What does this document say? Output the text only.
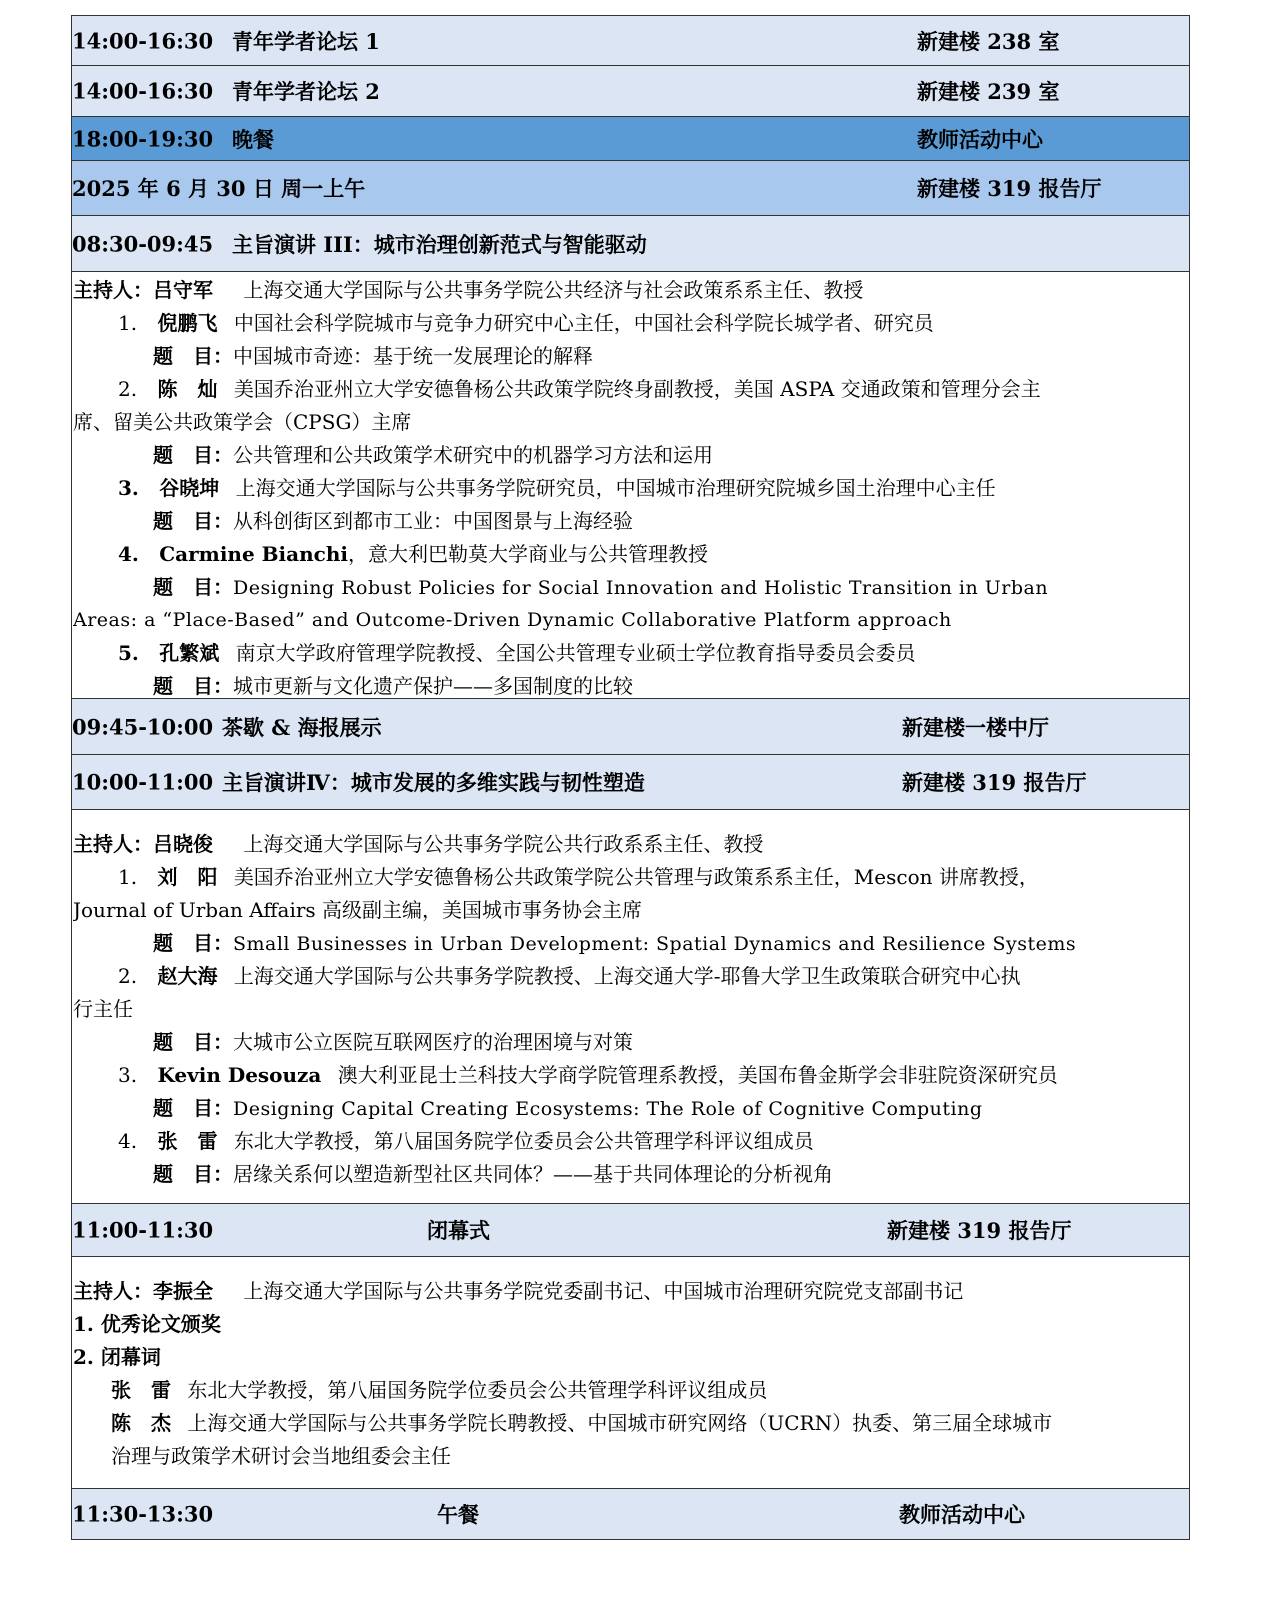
14:00-16:30 青年学者论坛 1	新建楼 238 室
14:00-16:30 青年学者论坛 2	新建楼 239 室
18:00-19:30 晚餐	教师活动中心
2025 年 6 月 30 日 周一上午	新建楼 319 报告厅
08:30-09:45 主旨演讲 III：城市治理创新范式与智能驱动
主持人：吕守军 上海交通大学国际与公共事务学院公共经济与社会政策系系主任、教授
1. 倪鹏飞 中国社会科学院城市与竞争力研究中心主任，中国社会科学院长城学者、研究员
题　目：中国城市奇迹：基于统一发展理论的解释
2. 陈　灿 美国乔治亚州立大学安德鲁杨公共政策学院终身副教授，美国 ASPA 交通政策和管理分会主
席、留美公共政策学会（CPSG）主席
题　目：公共管理和公共政策学术研究中的机器学习方法和运用
3. 谷晓坤 上海交通大学国际与公共事务学院研究员，中国城市治理研究院城乡国土治理中心主任
题　目：从科创街区到都市工业：中国图景与上海经验
4. Carmine Bianchi，意大利巴勒莫大学商业与公共管理教授
题　目：Designing Robust Policies for Social Innovation and Holistic Transition in Urban
Areas: a “Place-Based” and Outcome-Driven Dynamic Collaborative Platform approach
5. 孔繁斌 南京大学政府管理学院教授、全国公共管理专业硕士学位教育指导委员会委员
题　目：城市更新与文化遗产保护——多国制度的比较
09:45-10:00 茶歇 & 海报展示	新建楼一楼中厅
10:00-11:00 主旨演讲Ⅳ：城市发展的多维实践与韧性塑造	新建楼 319 报告厅
主持人：吕晓俊 上海交通大学国际与公共事务学院公共行政系系主任、教授
1. 刘　阳 美国乔治亚州立大学安德鲁杨公共政策学院公共管理与政策系系主任，Mescon 讲席教授，
Journal of Urban Affairs 高级副主编，美国城市事务协会主席
题　目：Small Businesses in Urban Development: Spatial Dynamics and Resilience Systems
2. 赵大海 上海交通大学国际与公共事务学院教授、上海交通大学-耶鲁大学卫生政策联合研究中心执
行主任
题　目：大城市公立医院互联网医疗的治理困境与对策
3. Kevin Desouza 澳大利亚昆士兰科技大学商学院管理系教授，美国布鲁金斯学会非驻院资深研究员
题　目：Designing Capital Creating Ecosystems: The Role of Cognitive Computing
4. 张　雷 东北大学教授，第八届国务院学位委员会公共管理学科评议组成员
题　目：居缘关系何以塑造新型社区共同体？——基于共同体理论的分析视角
11:00-11:30	闭幕式	新建楼 319 报告厅
主持人：李振全 上海交通大学国际与公共事务学院党委副书记、中国城市治理研究院党支部副书记
1. 优秀论文颁奖
2. 闭幕词
张　雷 东北大学教授，第八届国务院学位委员会公共管理学科评议组成员
陈　杰 上海交通大学国际与公共事务学院长聘教授、中国城市研究网络（UCRN）执委、第三届全球城市
治理与政策学术研讨会当地组委会主任
11:30-13:30	午餐	教师活动中心
